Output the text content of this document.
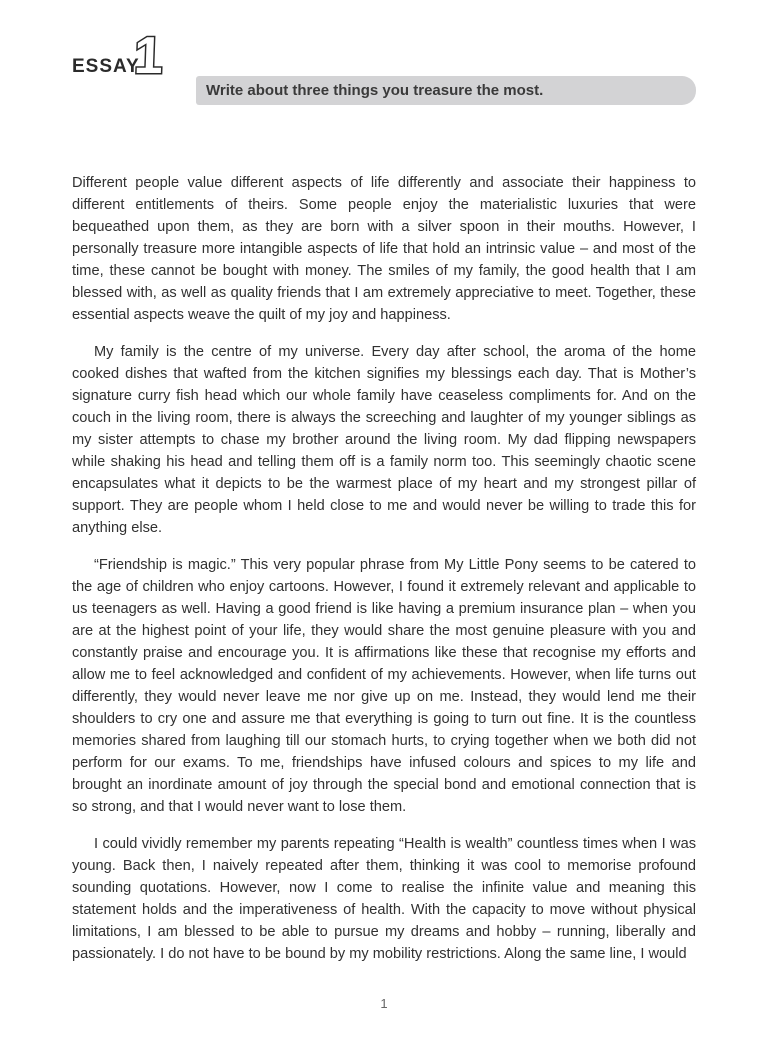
ESSAY
1
Write about three things you treasure the most.

Different people value different aspects of life differently and associate their happiness to different entitlements of theirs. Some people enjoy the materialistic luxuries that were bequeathed upon them, as they are born with a silver spoon in their mouths. However, I personally treasure more intangible aspects of life that hold an intrinsic value – and most of the time, these cannot be bought with money. The smiles of my family, the good health that I am blessed with, as well as quality friends that I am extremely appreciative to meet. Together, these essential aspects weave the quilt of my joy and happiness.

My family is the centre of my universe. Every day after school, the aroma of the home cooked dishes that wafted from the kitchen signifies my blessings each day. That is Mother’s signature curry fish head which our whole family have ceaseless compliments for. And on the couch in the living room, there is always the screeching and laughter of my younger siblings as my sister attempts to chase my brother around the living room. My dad flipping newspapers while shaking his head and telling them off is a family norm too. This seemingly chaotic scene encapsulates what it depicts to be the warmest place of my heart and my strongest pillar of support. They are people whom I held close to me and would never be willing to trade this for anything else.

“Friendship is magic.” This very popular phrase from My Little Pony seems to be catered to the age of children who enjoy cartoons. However, I found it extremely relevant and applicable to us teenagers as well. Having a good friend is like having a premium insurance plan – when you are at the highest point of your life, they would share the most genuine pleasure with you and constantly praise and encourage you. It is affirmations like these that recognise my efforts and allow me to feel acknowledged and confident of my achievements. However, when life turns out differently, they would never leave me nor give up on me. Instead, they would lend me their shoulders to cry one and assure me that everything is going to turn out fine. It is the countless memories shared from laughing till our stomach hurts, to crying together when we both did not perform for our exams. To me, friendships have infused colours and spices to my life and brought an inordinate amount of joy through the special bond and emotional connection that is so strong, and that I would never want to lose them.

I could vividly remember my parents repeating “Health is wealth” countless times when I was young. Back then, I naively repeated after them, thinking it was cool to memorise profound sounding quotations. However, now I come to realise the infinite value and meaning this statement holds and the imperativeness of health. With the capacity to move without physical limitations, I am blessed to be able to pursue my dreams and hobby – running, liberally and passionately. I do not have to be bound by my mobility restrictions. Along the same line, I would

1
